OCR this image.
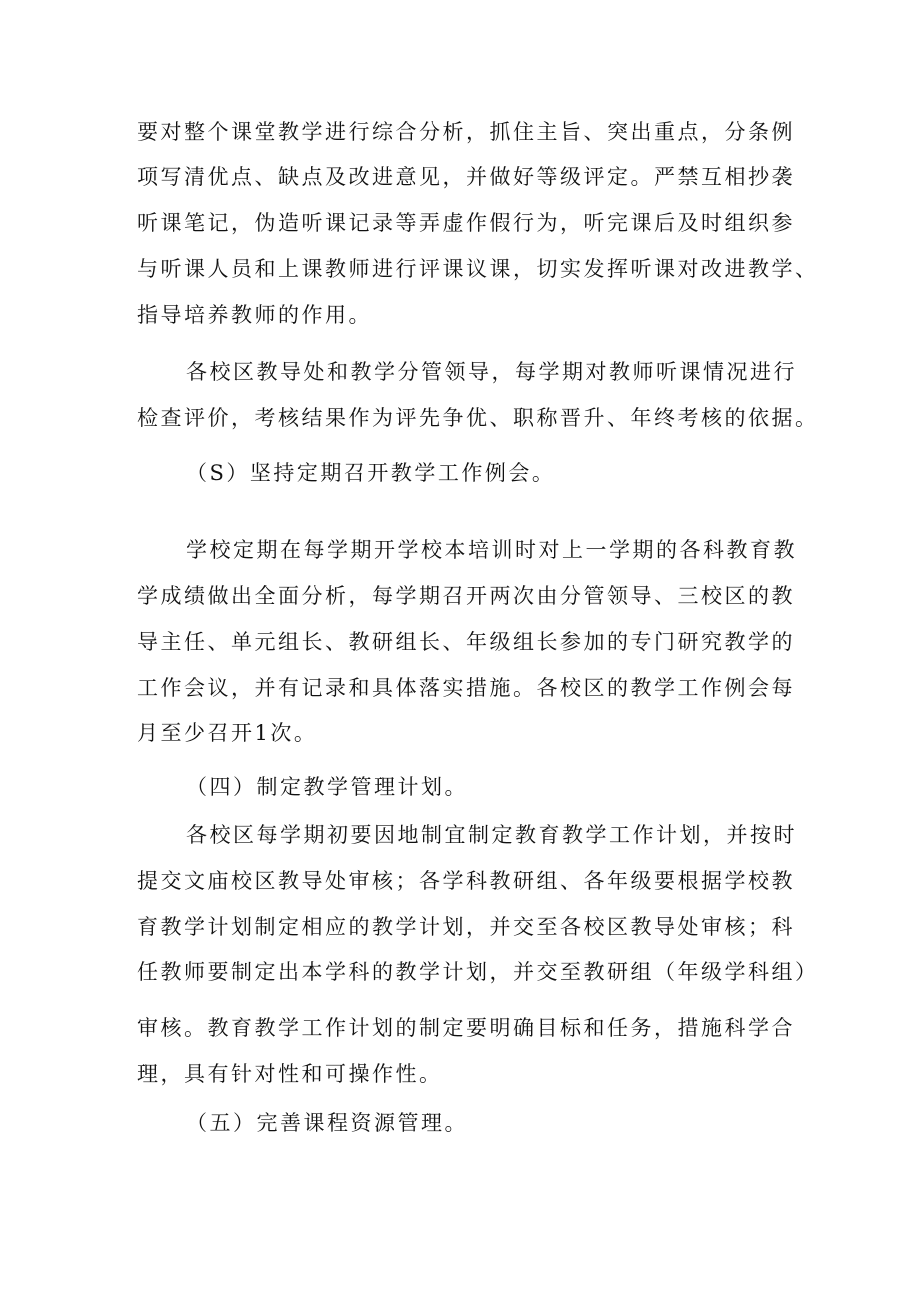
要对整个课堂教学进行综合分析，抓住主旨、突出重点，分条例
项写清优点、缺点及改进意见，并做好等级评定。严禁互相抄袭
听课笔记，伪造听课记录等弄虚作假行为，听完课后及时组织参
与听课人员和上课教师进行评课议课，切实发挥听课对改进教学、
指导培养教师的作用。
各校区教导处和教学分管领导，每学期对教师听课情况进行
检查评价，考核结果作为评先争优、职称晋升、年终考核的依据。
（S）坚持定期召开教学工作例会。
学校定期在每学期开学校本培训时对上一学期的各科教育教
学成绩做出全面分析，每学期召开两次由分管领导、三校区的教
导主任、单元组长、教研组长、年级组长参加的专门研究教学的
工作会议，并有记录和具体落实措施。各校区的教学工作例会每
月至少召开1次。
（四）制定教学管理计划。
各校区每学期初要因地制宜制定教育教学工作计划，并按时
提交文庙校区教导处审核；各学科教研组、各年级要根据学校教
育教学计划制定相应的教学计划，并交至各校区教导处审核；科
任教师要制定出本学科的教学计划，并交至教研组（年级学科组）
审核。教育教学工作计划的制定要明确目标和任务，措施科学合
理，具有针对性和可操作性。
（五）完善课程资源管理。
